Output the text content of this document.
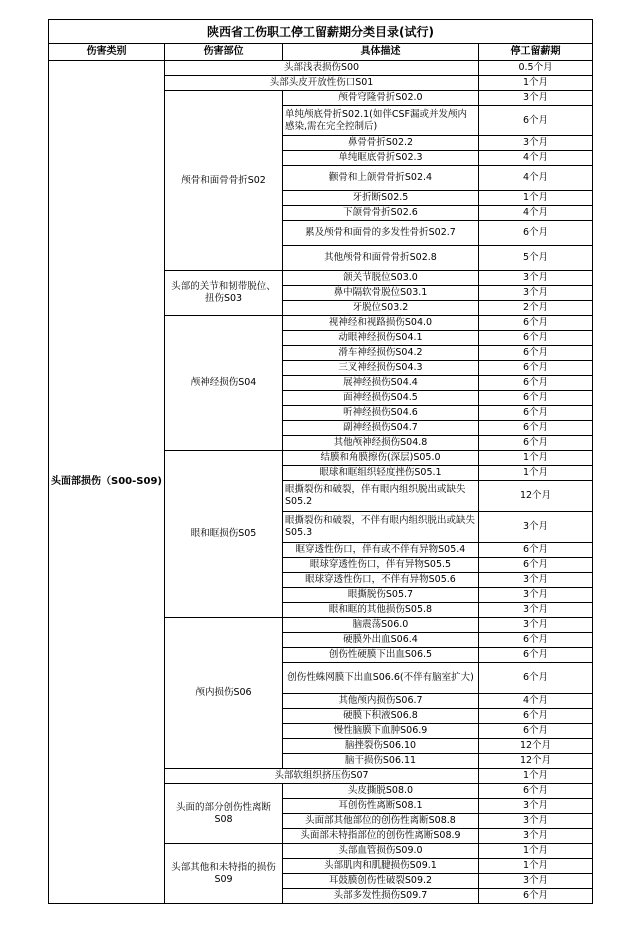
陕西省工伤职工停工留薪期分类目录(试行)			
伤害类别	伤害部位	具体描述	停工留薪期
头面部损伤（S00-S09)	头部浅表损伤S00		0.5个月
	头部头皮开放性伤口S01		1个月
	颅骨和面骨骨折S02	颅骨穹隆骨折S02.0	3个月
		单纯颅底骨折S02.1(如伴CSF漏或并发颅内感染,需在完全控制后)	6个月
		鼻骨骨折S02.2	3个月
		单纯眶底骨折S02.3	4个月
		颧骨和上颌骨骨折S02.4	4个月
		牙折断S02.5	1个月
		下颌骨骨折S02.6	4个月
		累及颅骨和面骨的多发性骨折S02.7	6个月
		其他颅骨和面骨骨折S02.8	5个月
	头部的关节和韧带脱位、扭伤S03	颌关节脱位S03.0	3个月
		鼻中隔软骨脱位S03.1	3个月
		牙脱位S03.2	2个月
	颅神经损伤S04	视神经和视路损伤S04.0	6个月
		动眼神经损伤S04.1	6个月
		滑车神经损伤S04.2	6个月
		三叉神经损伤S04.3	6个月
		展神经损伤S04.4	6个月
		面神经损伤S04.5	6个月
		听神经损伤S04.6	6个月
		副神经损伤S04.7	6个月
		其他颅神经损伤S04.8	6个月
	眼和眶损伤S05	结膜和角膜擦伤(深层)S05.0	1个月
		眼球和眶组织轻度挫伤S05.1	1个月
		眼撕裂伤和破裂，伴有眼内组织脱出或缺失S05.2	12个月
		眼撕裂伤和破裂，不伴有眼内组织脱出或缺失S05.3	3个月
		眶穿透性伤口，伴有或不伴有异物S05.4	6个月
		眼球穿透性伤口，伴有异物S05.5	6个月
		眼球穿透性伤口，不伴有异物S05.6	3个月
		眼撕脱伤S05.7	3个月
		眼和眶的其他损伤S05.8	3个月
	颅内损伤S06	脑震荡S06.0	3个月
		硬膜外出血S06.4	6个月
		创伤性硬膜下出血S06.5	6个月
		创伤性蛛网膜下出血S06.6(不伴有脑室扩大)	6个月
		其他颅内损伤S06.7	4个月
		硬膜下积液S06.8	6个月
		慢性脑膜下血肿S06.9	6个月
		脑挫裂伤S06.10	12个月
		脑干损伤S06.11	12个月
	头部软组织挤压伤S07		1个月
	头面的部分创伤性离断S08	头皮撕脱S08.0	6个月
		耳创伤性离断S08.1	3个月
		头面部其他部位的创伤性离断S08.8	3个月
		头面部未特指部位的创伤性离断S08.9	3个月
	头部其他和未特指的损伤S09	头部血管损伤S09.0	1个月
		头部肌肉和肌腱损伤S09.1	1个月
		耳鼓膜创伤性破裂S09.2	3个月
		头部多发性损伤S09.7	6个月
